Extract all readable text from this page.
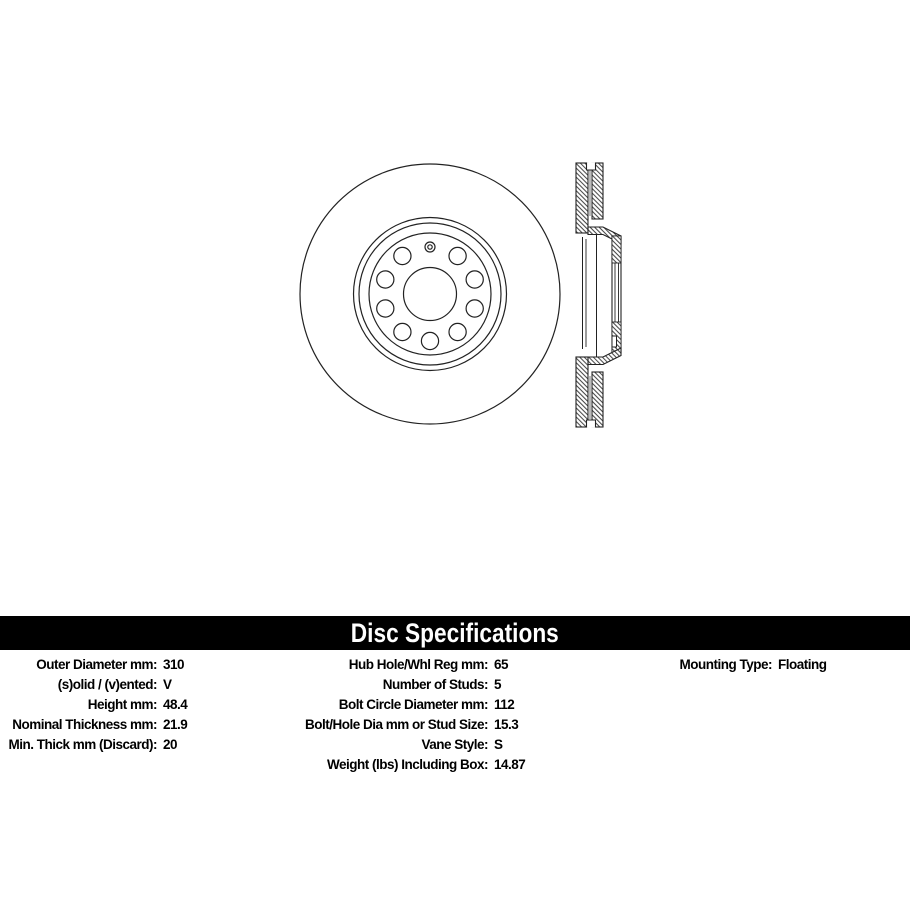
Disc Specifications
Outer Diameter mm: 310
(s)olid / (v)ented: V
Height mm: 48.4
Nominal Thickness mm: 21.9
Min. Thick mm (Discard): 20
Hub Hole/Whl Reg mm: 65
Number of Studs: 5
Bolt Circle Diameter mm: 112
Bolt/Hole Dia mm or Stud Size: 15.3
Vane Style: S
Weight (lbs) Including Box: 14.87
Mounting Type: Floating
